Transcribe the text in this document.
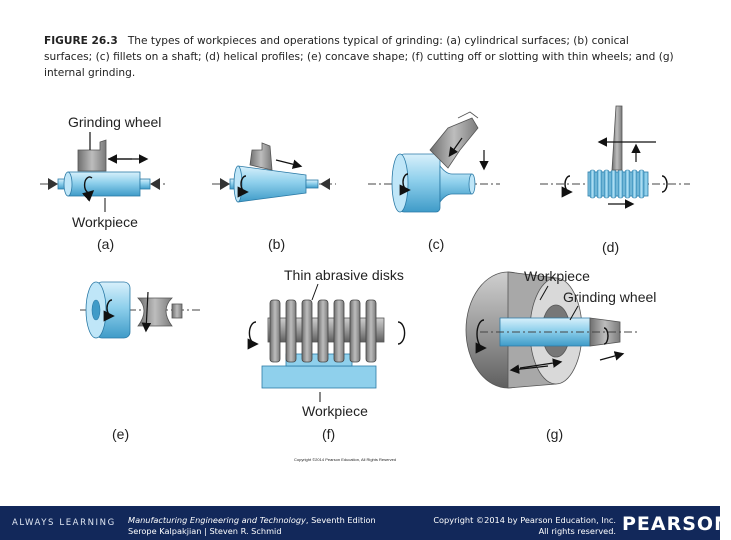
FIGURE 26.3 The types of workpieces and operations typical of grinding: (a) cylindrical surfaces; (b) conical surfaces; (c) fillets on a shaft; (d) helical profiles; (e) concave shape; (f) cutting off or slotting with thin wheels; and (g) internal grinding.
Grinding wheel
Workpiece
(a)	(b)	(c)	(d)
(e)
Thin abrasive disks
Workpiece
(f)
Copyright ©2014 Pearson Education, All Rights Reserved
Workpiece
Grinding wheel
(g)
ALWAYS LEARNING Manufacturing Engineering and Technology, Seventh Edition
Serope Kalpakjian | Steven R. Schmid
Copyright ©2014 by Pearson Education, Inc.
All rights reserved. PEARSON
